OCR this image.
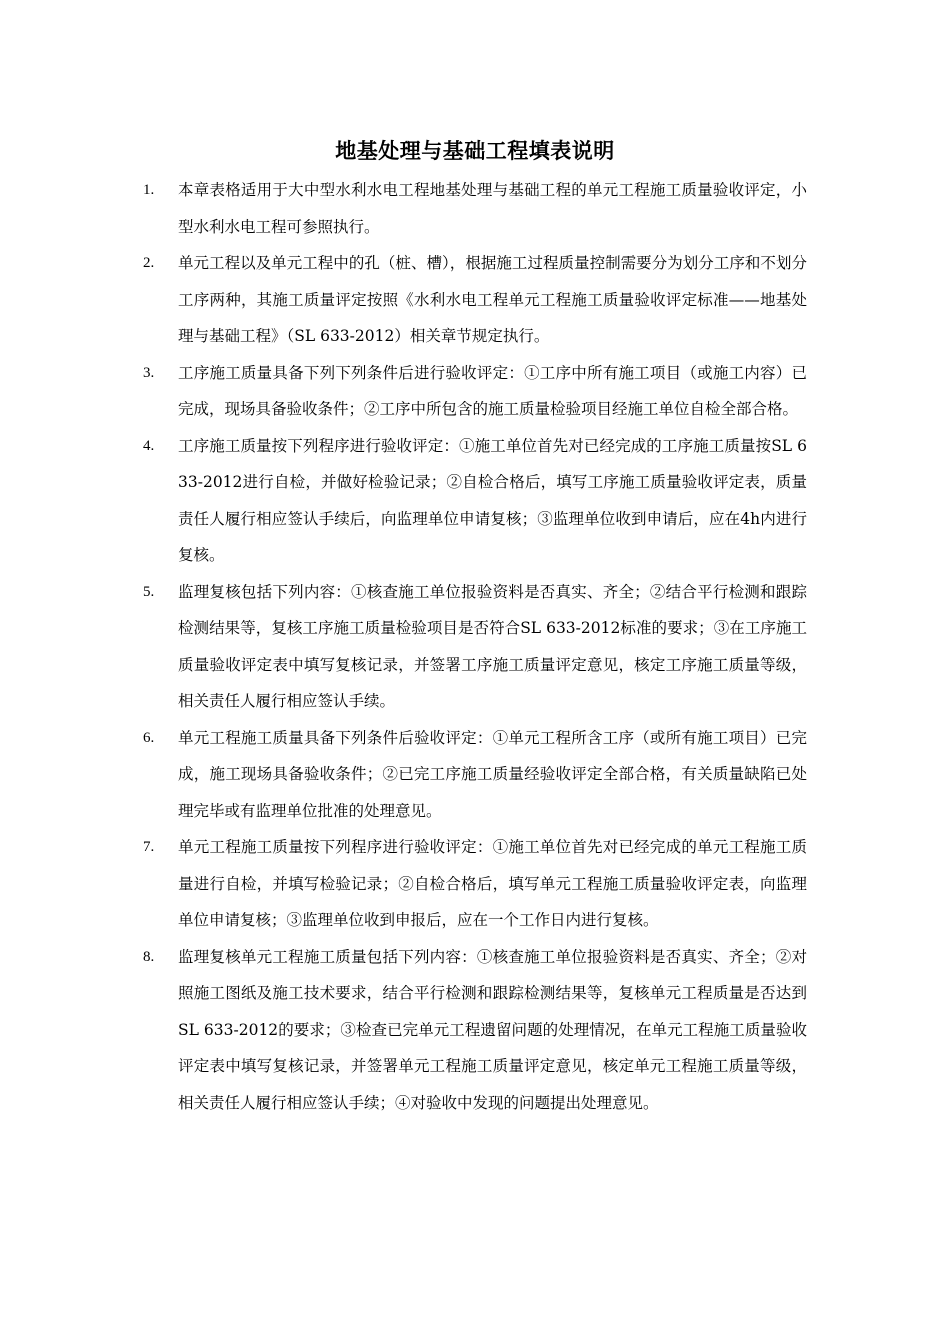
地基处理与基础工程填表说明
1.	本章表格适用于大中型水利水电工程地基处理与基础工程的单元工程施工质量验收评定，小型水利水电工程可参照执行。
2.	单元工程以及单元工程中的孔（桩、槽），根据施工过程质量控制需要分为划分工序和不划分工序两种，其施工质量评定按照《水利水电工程单元工程施工质量验收评定标准——地基处理与基础工程》（SL 633-2012）相关章节规定执行。
3.	工序施工质量具备下列下列条件后进行验收评定：①工序中所有施工项目（或施工内容）已完成，现场具备验收条件；②工序中所包含的施工质量检验项目经施工单位自检全部合格。
4.	工序施工质量按下列程序进行验收评定：①施工单位首先对已经完成的工序施工质量按SL 633-2012进行自检，并做好检验记录；②自检合格后，填写工序施工质量验收评定表，质量责任人履行相应签认手续后，向监理单位申请复核；③监理单位收到申请后，应在4h内进行复核。
5.	监理复核包括下列内容：①核查施工单位报验资料是否真实、齐全；②结合平行检测和跟踪检测结果等，复核工序施工质量检验项目是否符合SL 633-2012标准的要求；③在工序施工质量验收评定表中填写复核记录，并签署工序施工质量评定意见，核定工序施工质量等级，相关责任人履行相应签认手续。
6.	单元工程施工质量具备下列条件后验收评定：①单元工程所含工序（或所有施工项目）已完成，施工现场具备验收条件；②已完工序施工质量经验收评定全部合格，有关质量缺陷已处理完毕或有监理单位批准的处理意见。
7.	单元工程施工质量按下列程序进行验收评定：①施工单位首先对已经完成的单元工程施工质量进行自检，并填写检验记录；②自检合格后，填写单元工程施工质量验收评定表，向监理单位申请复核；③监理单位收到申报后，应在一个工作日内进行复核。
8.	监理复核单元工程施工质量包括下列内容：①核查施工单位报验资料是否真实、齐全；②对照施工图纸及施工技术要求，结合平行检测和跟踪检测结果等，复核单元工程质量是否达到SL 633-2012的要求；③检查已完单元工程遗留问题的处理情况，在单元工程施工质量验收评定表中填写复核记录，并签署单元工程施工质量评定意见，核定单元工程施工质量等级，相关责任人履行相应签认手续；④对验收中发现的问题提出处理意见。
